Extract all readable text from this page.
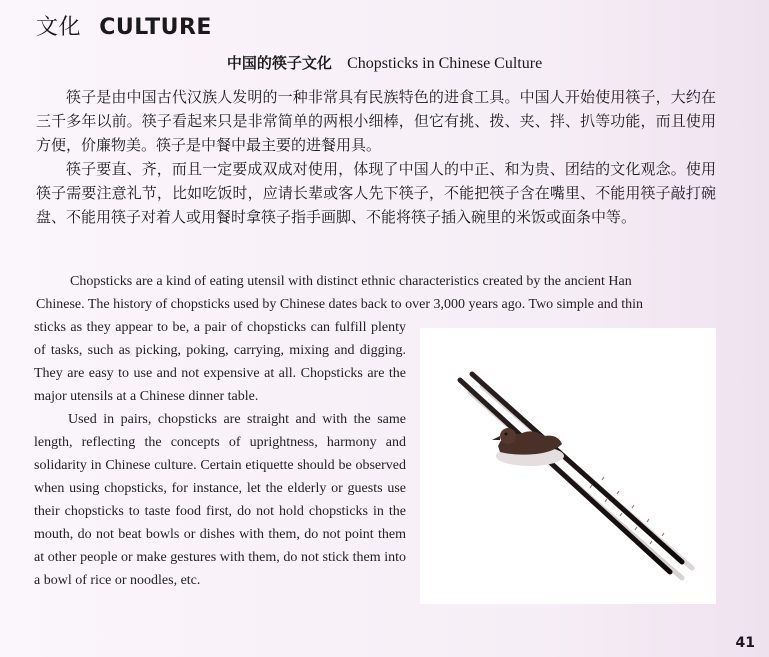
文化 CULTURE
中国的筷子文化 Chopsticks in Chinese Culture
筷子是由中国古代汉族人发明的一种非常具有民族特色的进食工具。中国人开始使用筷子，大约在三千多年以前。筷子看起来只是非常简单的两根小细棒，但它有挑、拨、夹、拌、扒等功能，而且使用方便，价廉物美。筷子是中餐中最主要的进餐用具。
筷子要直、齐，而且一定要成双成对使用，体现了中国人的中正、和为贵、团结的文化观念。使用筷子需要注意礼节，比如吃饭时，应请长辈或客人先下筷子，不能把筷子含在嘴里、不能用筷子敲打碗盘、不能用筷子对着人或用餐时拿筷子指手画脚、不能将筷子插入碗里的米饭或面条中等。
Chopsticks are a kind of eating utensil with distinct ethnic characteristics created by the ancient Han
Chinese. The history of chopsticks used by Chinese dates back to over 3,000 years ago. Two simple and thin
sticks as they appear to be, a pair of chopsticks can fulfill plenty of tasks, such as picking, poking, carrying, mixing and digging. They are easy to use and not expensive at all. Chopsticks are the major utensils at a Chinese dinner table.
Used in pairs, chopsticks are straight and with the same length, reflecting the concepts of uprightness, harmony and solidarity in Chinese culture. Certain etiquette should be observed when using chopsticks, for instance, let the elderly or guests use their chopsticks to taste food first, do not hold chopsticks in the mouth, do not beat bowls or dishes with them, do not point them at other people or make gestures with them, do not stick them into a bowl of rice or noodles, etc.
41
